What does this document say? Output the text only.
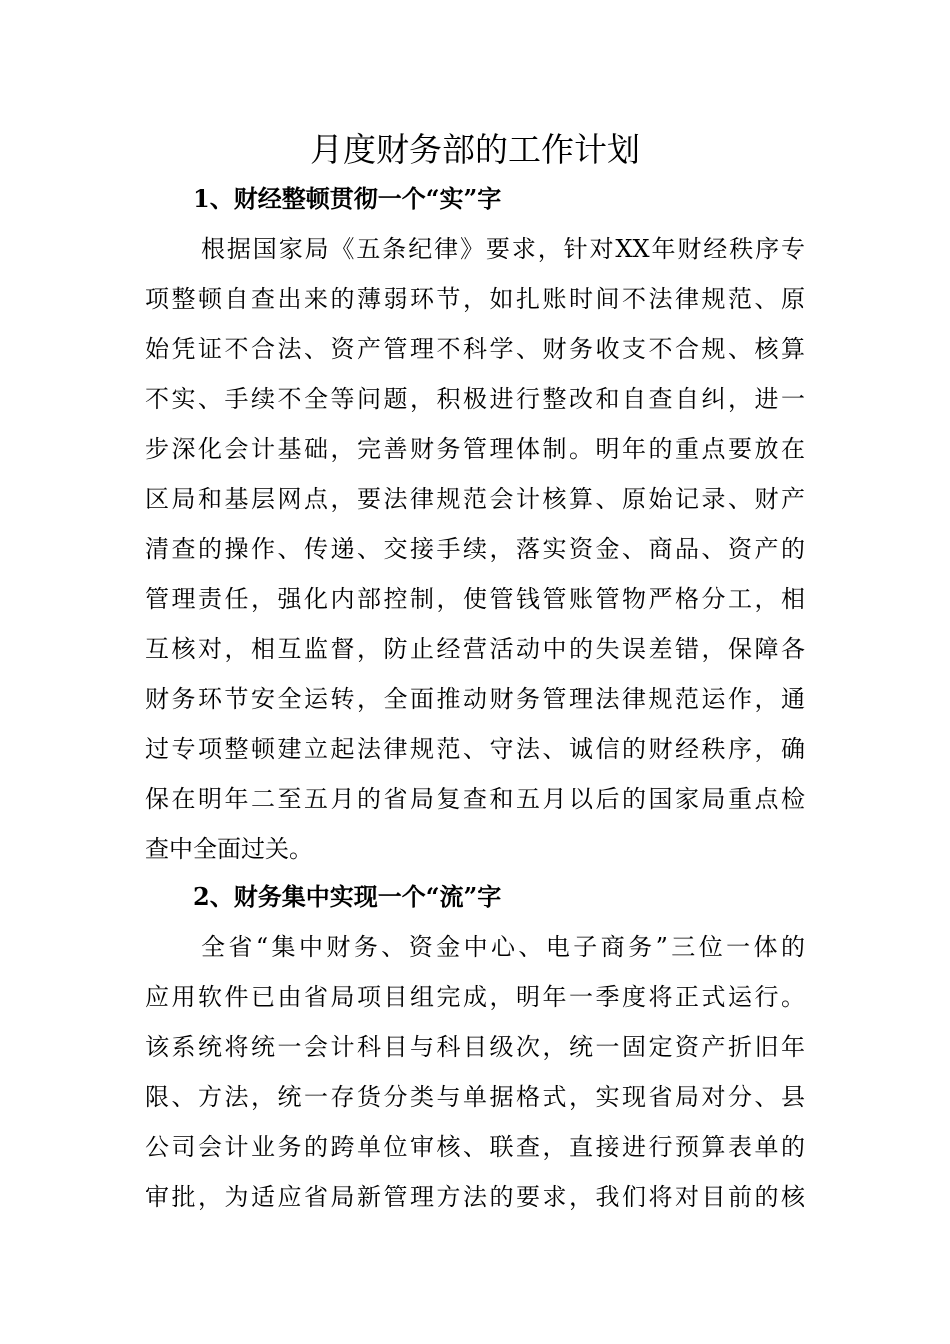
月度财务部的工作计划
1、财经整顿贯彻一个“实”字
根据国家局《五条纪律》要求，针对XX年财经秩序专
项整顿自查出来的薄弱环节，如扎账时间不法律规范、原
始凭证不合法、资产管理不科学、财务收支不合规、核算
不实、手续不全等问题，积极进行整改和自查自纠，进一
步深化会计基础，完善财务管理体制。明年的重点要放在
区局和基层网点，要法律规范会计核算、原始记录、财产
清查的操作、传递、交接手续，落实资金、商品、资产的
管理责任，强化内部控制，使管钱管账管物严格分工，相
互核对，相互监督，防止经营活动中的失误差错，保障各
财务环节安全运转，全面推动财务管理法律规范运作，通
过专项整顿建立起法律规范、守法、诚信的财经秩序，确
保在明年二至五月的省局复查和五月以后的国家局重点检
查中全面过关。
2、财务集中实现一个“流”字
全省“集中财务、资金中心、电子商务”三位一体的
应用软件已由省局项目组完成，明年一季度将正式运行。
该系统将统一会计科目与科目级次，统一固定资产折旧年
限、方法，统一存货分类与单据格式，实现省局对分、县
公司会计业务的跨单位审核、联查，直接进行预算表单的
审批，为适应省局新管理方法的要求，我们将对目前的核
